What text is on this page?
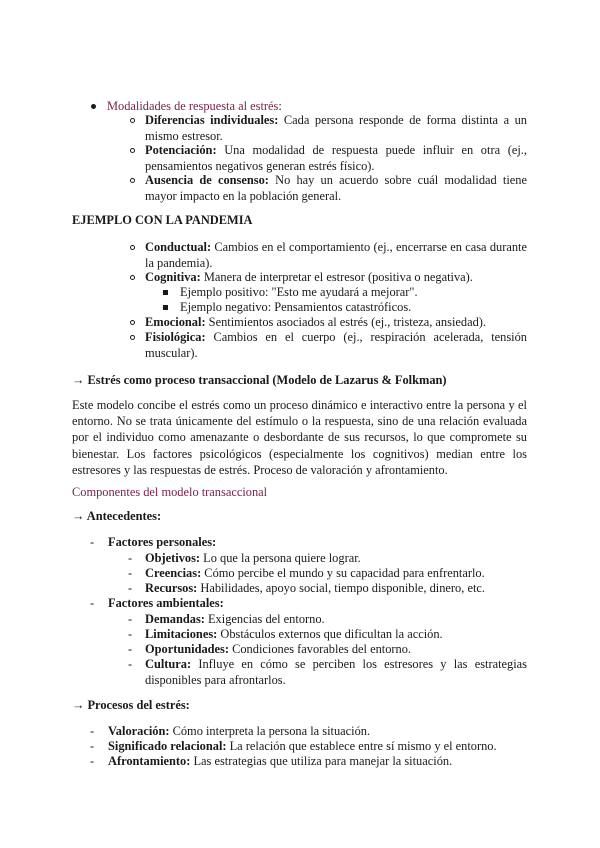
Modalidades de respuesta al estrés:
Diferencias individuales: Cada persona responde de forma distinta a un mismo estresor.
Potenciación: Una modalidad de respuesta puede influir en otra (ej., pensamientos negativos generan estrés físico).
Ausencia de consenso: No hay un acuerdo sobre cuál modalidad tiene mayor impacto en la población general.
EJEMPLO CON LA PANDEMIA
Conductual: Cambios en el comportamiento (ej., encerrarse en casa durante la pandemia).
Cognitiva: Manera de interpretar el estresor (positiva o negativa).
Ejemplo positivo: "Esto me ayudará a mejorar".
Ejemplo negativo: Pensamientos catastróficos.
Emocional: Sentimientos asociados al estrés (ej., tristeza, ansiedad).
Fisiológica: Cambios en el cuerpo (ej., respiración acelerada, tensión muscular).
→ Estrés como proceso transaccional (Modelo de Lazarus & Folkman)
Este modelo concibe el estrés como un proceso dinámico e interactivo entre la persona y el entorno. No se trata únicamente del estímulo o la respuesta, sino de una relación evaluada por el individuo como amenazante o desbordante de sus recursos, lo que compromete su bienestar. Los factores psicológicos (especialmente los cognitivos) median entre los estresores y las respuestas de estrés. Proceso de valoración y afrontamiento.
Componentes del modelo transaccional
→ Antecedentes:
- Factores personales:
- Objetivos: Lo que la persona quiere lograr.
- Creencias: Cómo percibe el mundo y su capacidad para enfrentarlo.
- Recursos: Habilidades, apoyo social, tiempo disponible, dinero, etc.
- Factores ambientales:
- Demandas: Exigencias del entorno.
- Limitaciones: Obstáculos externos que dificultan la acción.
- Oportunidades: Condiciones favorables del entorno.
- Cultura: Influye en cómo se perciben los estresores y las estrategias disponibles para afrontarlos.
→ Procesos del estrés:
- Valoración: Cómo interpreta la persona la situación.
- Significado relacional: La relación que establece entre sí mismo y el entorno.
- Afrontamiento: Las estrategias que utiliza para manejar la situación.
